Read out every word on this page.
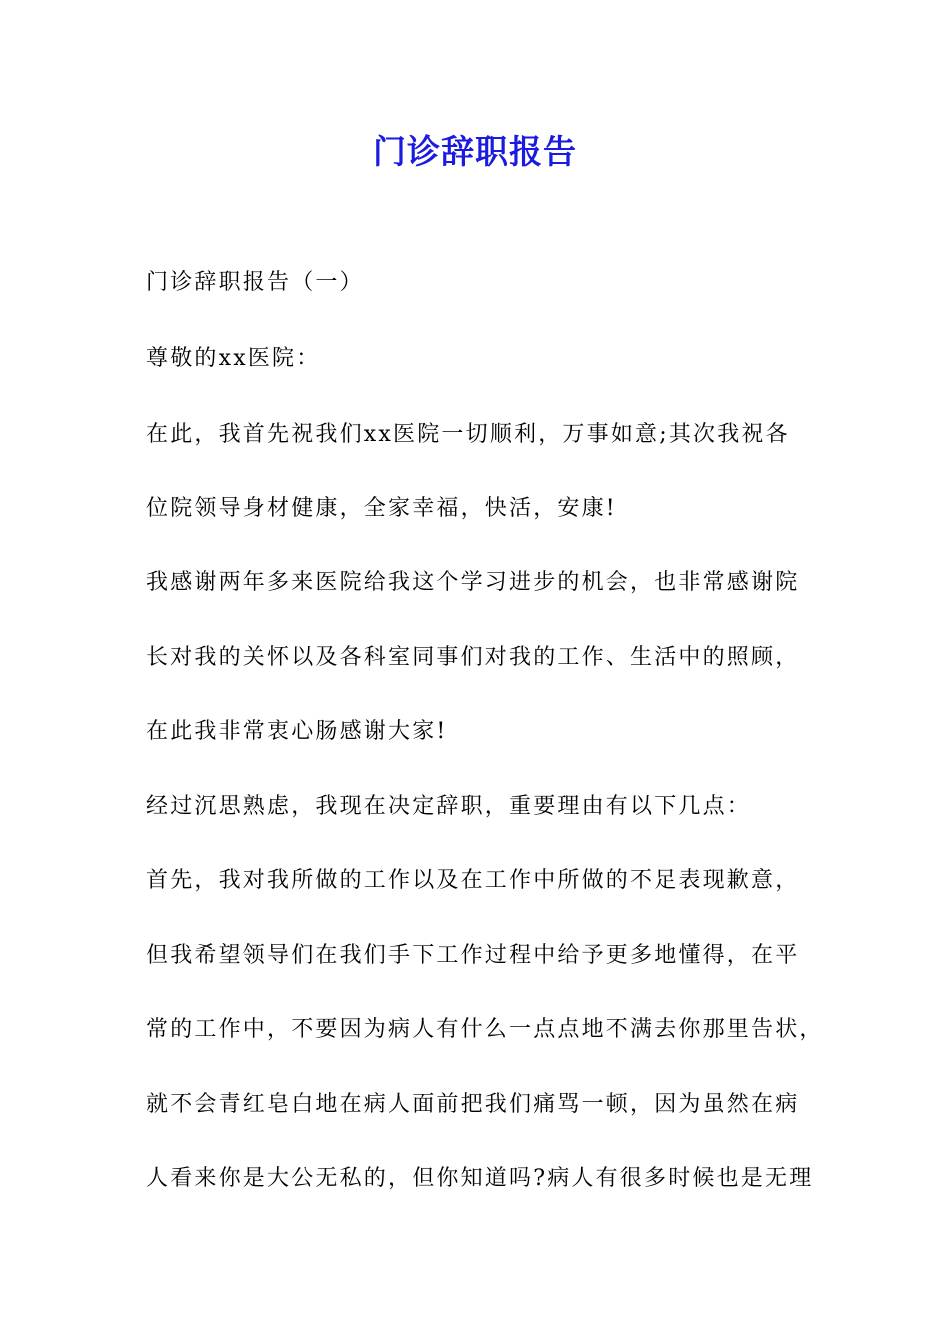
门诊辞职报告
门诊辞职报告（一）
尊敬的xx医院：
在此，我首先祝我们xx医院一切顺利，万事如意;其次我祝各
位院领导身材健康，全家幸福，快活，安康!
我感谢两年多来医院给我这个学习进步的机会，也非常感谢院
长对我的关怀以及各科室同事们对我的工作、生活中的照顾，
在此我非常衷心肠感谢大家!
经过沉思熟虑，我现在决定辞职，重要理由有以下几点：
首先，我对我所做的工作以及在工作中所做的不足表现歉意，
但我希望领导们在我们手下工作过程中给予更多地懂得，在平
常的工作中，不要因为病人有什么一点点地不满去你那里告状，
就不会青红皂白地在病人面前把我们痛骂一顿，因为虽然在病
人看来你是大公无私的，但你知道吗?病人有很多时候也是无理
